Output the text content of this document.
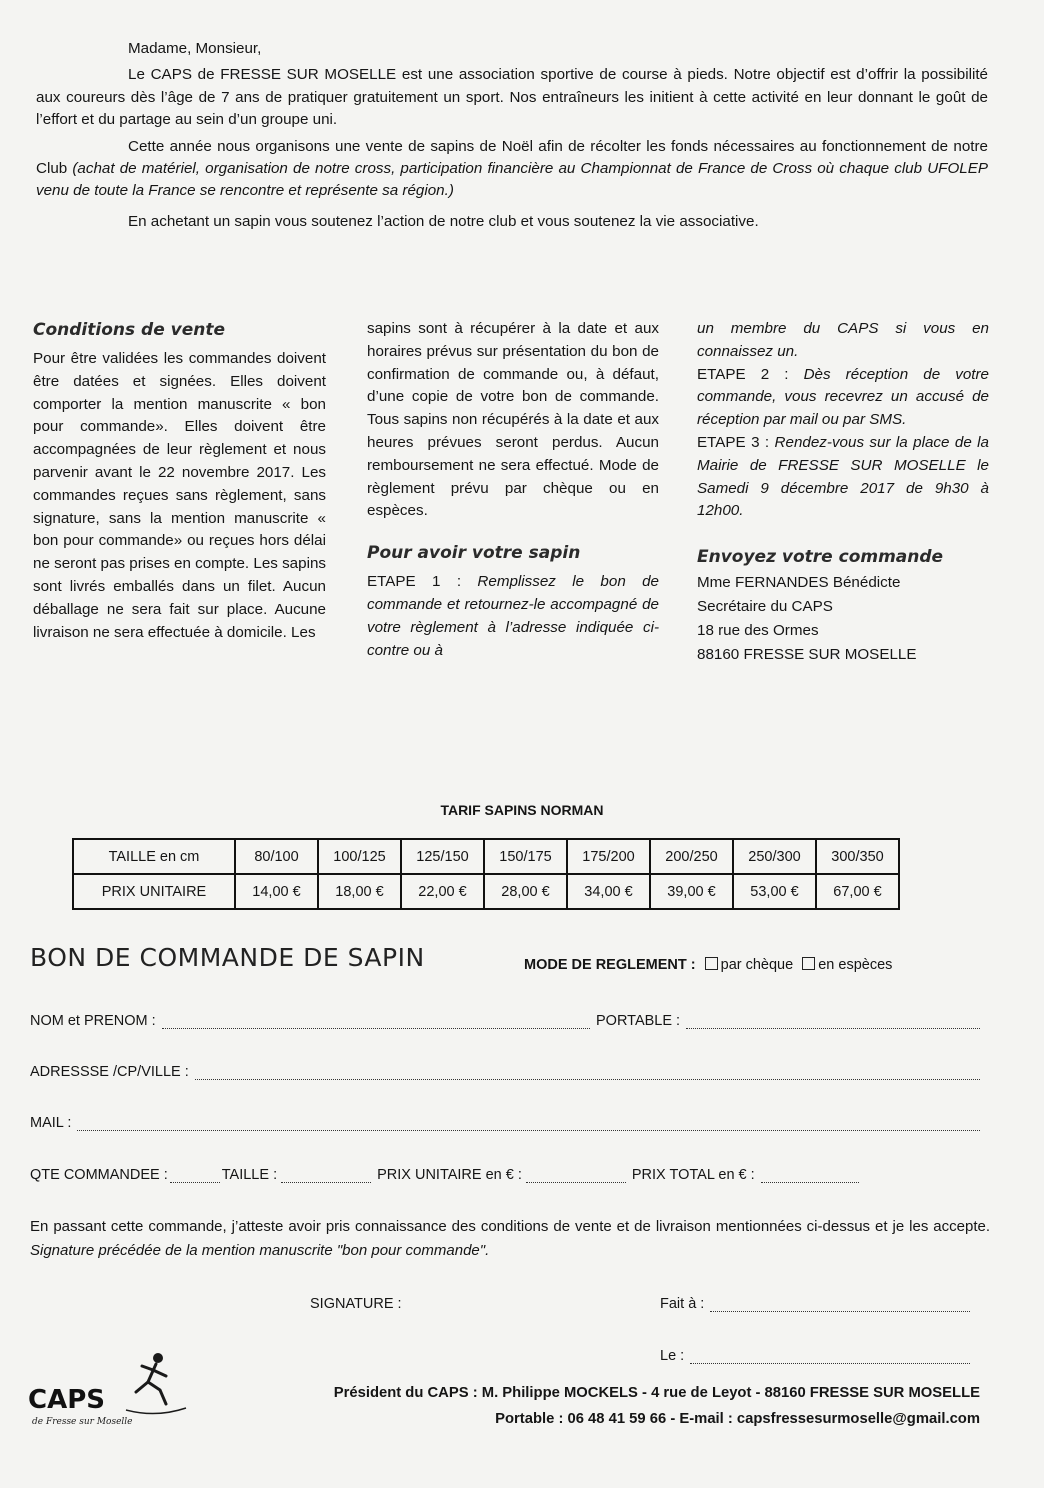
Madame, Monsieur,

Le CAPS de FRESSE SUR MOSELLE est une association sportive de course à pieds. Notre objectif est d’offrir la possibilité aux coureurs dès l’âge de 7 ans de pratiquer gratuitement un sport. Nos entraîneurs les initient à cette activité en leur donnant le goût de l’effort et du partage au sein d’un groupe uni.

Cette année nous organisons une vente de sapins de Noël afin de récolter les fonds nécessaires au fonctionnement de notre Club (achat de matériel, organisation de notre cross, participation financière au Championnat de France de Cross où chaque club UFOLEP venu de toute la France se rencontre et représente sa région.)

En achetant un sapin vous soutenez l’action de notre club et vous soutenez la vie associative.

Conditions de vente

Pour être validées les commandes doivent être datées et signées. Elles doivent comporter la mention manuscrite « bon pour commande». Elles doivent être accompagnées de leur règlement et nous parvenir avant le 22 novembre 2017. Les commandes reçues sans règlement, sans signature, sans la mention manuscrite « bon pour commande» ou reçues hors délai ne seront pas prises en compte. Les sapins sont livrés emballés dans un filet. Aucun déballage ne sera fait sur place. Aucune livraison ne sera effectuée à domicile. Les

sapins sont à récupérer à la date et aux horaires prévus sur présentation du bon de confirmation de commande ou, à défaut, d’une copie de votre bon de commande. Tous sapins non récupérés à la date et aux heures prévues seront perdus. Aucun remboursement ne sera effectué. Mode de règlement prévu par chèque ou en espèces.

Pour avoir votre sapin

ETAPE 1 : Remplissez le bon de commande et retournez-le accompagné de votre règlement à l’adresse indiquée ci-contre ou à

un membre du CAPS si vous en connaissez un.

ETAPE 2 : Dès réception de votre commande, vous recevrez un accusé de réception par mail ou par SMS.

ETAPE 3 : Rendez-vous sur la place de la Mairie de FRESSE SUR MOSELLE le Samedi 9 décembre 2017 de 9h30 à 12h00.

Envoyez votre commande
Mme FERNANDES Bénédicte
Secrétaire du CAPS
18 rue des Ormes
88160 FRESSE SUR MOSELLE
TARIF SAPINS NORMAN
TAILLE en cm	80/100	100/125	125/150	150/175	175/200	200/250	250/300	300/350
PRIX UNITAIRE	14,00 €	18,00 €	22,00 €	28,00 €	34,00 €	39,00 €	53,00 €	67,00 €
BON DE COMMANDE DE SAPIN	MODE DE REGLEMENT : par chèque en espèces
NOM et PRENOM :	PORTABLE :
ADRESSSE /CP/VILLE :
MAIL :
QTE COMMANDEE :	TAILLE :	PRIX UNITAIRE en € :	PRIX TOTAL en € :
En passant cette commande, j’atteste avoir pris connaissance des conditions de vente et de livraison mentionnées ci-dessus et je les accepte. Signature précédée de la mention manuscrite "bon pour commande".
SIGNATURE :	Fait à :
Le :
CAPS
de Fresse sur Moselle
Président du CAPS : M. Philippe MOCKELS - 4 rue de Leyot - 88160 FRESSE SUR MOSELLE
Portable : 06 48 41 59 66 - E-mail : capsfressesurmoselle@gmail.com
